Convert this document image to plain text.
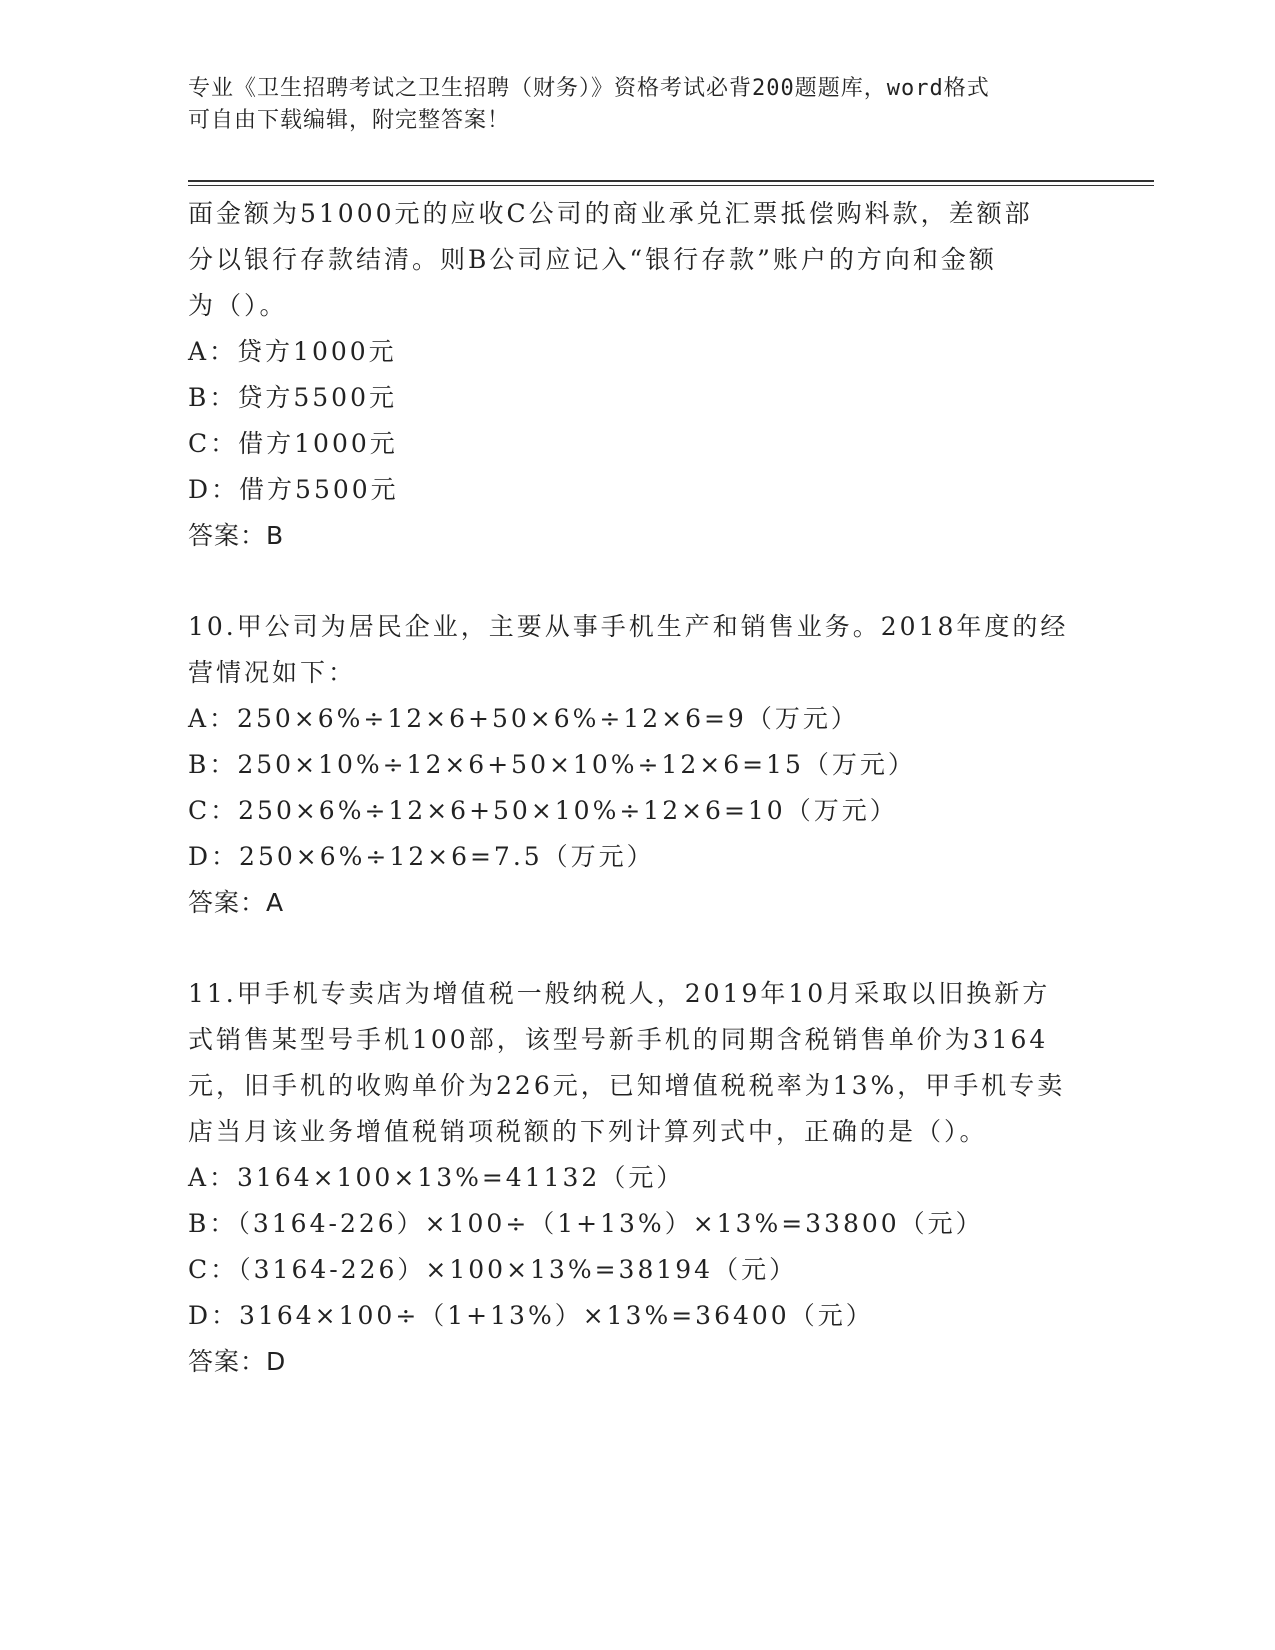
专业《卫生招聘考试之卫生招聘（财务）》资格考试必背200题题库，word格式
可自由下载编辑，附完整答案！
面金额为51000元的应收C公司的商业承兑汇票抵偿购料款，差额部
分以银行存款结清。则B公司应记入“银行存款”账户的方向和金额
为（）。
A：贷方1000元
B：贷方5500元
C：借方1000元
D：借方5500元
答案：B
10.甲公司为居民企业，主要从事手机生产和销售业务。2018年度的经
营情况如下：
A：250×6%÷12×6+50×6%÷12×6=9（万元）
B：250×10%÷12×6+50×10%÷12×6=15（万元）
C：250×6%÷12×6+50×10%÷12×6=10（万元）
D：250×6%÷12×6=7.5（万元）
答案：A
11.甲手机专卖店为增值税一般纳税人，2019年10月采取以旧换新方
式销售某型号手机100部，该型号新手机的同期含税销售单价为3164
元，旧手机的收购单价为226元，已知增值税税率为13%，甲手机专卖
店当月该业务增值税销项税额的下列计算列式中，正确的是（）。
A：3164×100×13%=41132（元）
B：（3164-226）×100÷（1+13%）×13%=33800（元）
C：（3164-226）×100×13%=38194（元）
D：3164×100÷（1+13%）×13%=36400（元）
答案：D
